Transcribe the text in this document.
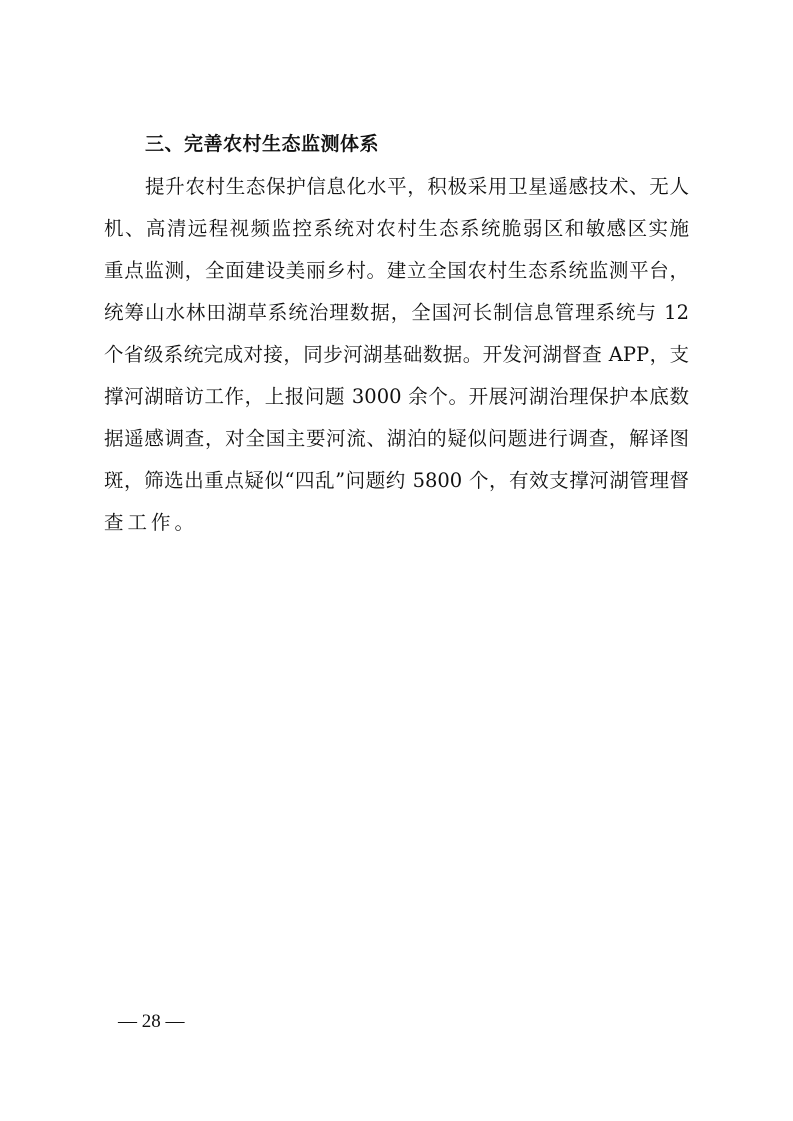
三、完善农村生态监测体系
提升农村生态保护信息化水平，积极采用卫星遥感技术、无人
机、高清远程视频监控系统对农村生态系统脆弱区和敏感区实施
重点监测，全面建设美丽乡村。建立全国农村生态系统监测平台，
统筹山水林田湖草系统治理数据，全国河长制信息管理系统与 12
个省级系统完成对接，同步河湖基础数据。开发河湖督查 APP，支
撑河湖暗访工作，上报问题 3000 余个。开展河湖治理保护本底数
据遥感调查，对全国主要河流、湖泊的疑似问题进行调查，解译图
斑，筛选出重点疑似“四乱”问题约 5800 个，有效支撑河湖管理督
查工作。
— 28 —
